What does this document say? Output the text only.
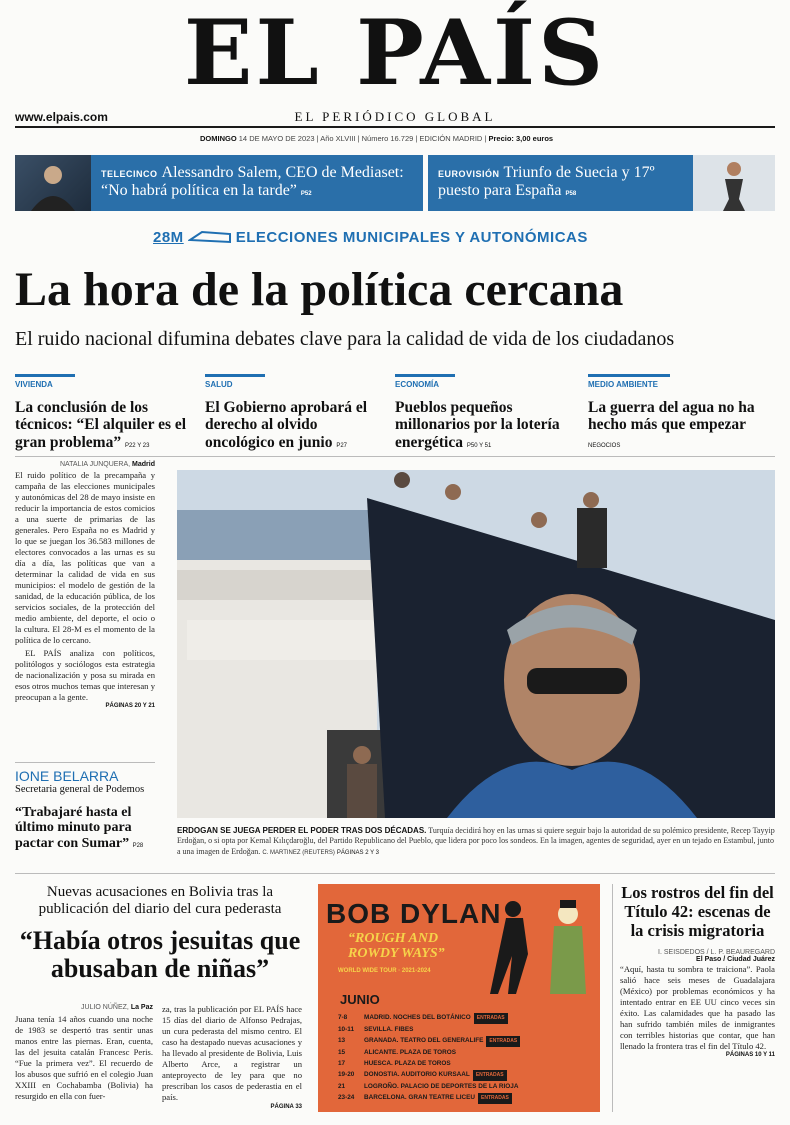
EL PAÍS
www.elpais.com	EL PERIÓDICO GLOBAL
DOMINGO 14 DE MAYO DE 2023 | Año XLVIII | Número 16.729 | EDICIÓN MADRID | Precio: 3,00 euros
TELECINCO Alessandro Salem, CEO de Mediaset: “No habrá política en la tarde” P52
EUROVISIÓN Triunfo de Suecia y 17º puesto para España P58
28M	ELECCIONES MUNICIPALES Y AUTONÓMICAS
La hora de la política cercana
El ruido nacional difumina debates clave para la calidad de vida de los ciudadanos
VIVIENDA
La conclusión de los técnicos: “El alquiler es el gran problema” P22 Y 23
SALUD
El Gobierno aprobará el derecho al olvido oncológico en junio P27
ECONOMÍA
Pueblos pequeños millonarios por la lotería energética P50 Y 51
MEDIO AMBIENTE
La guerra del agua no ha hecho más que empezar NEGOCIOS
NATALIA JUNQUERA, Madrid
El ruido político de la precampaña y campaña de las elecciones municipales y autonómicas del 28 de mayo insiste en reducir la importancia de estos comicios a una suerte de primarias de las generales. Pero España no es Madrid y lo que se juegan los 36.583 millones de electores convocados a las urnas es su día a día, las políticas que van a determinar la calidad de vida en sus municipios: el modelo de gestión de la sanidad, de la educación pública, de los servicios sociales, de la protección del medio ambiente, del deporte, el ocio o la cultura. El 28-M es el momento de la política de lo cercano.
EL PAÍS analiza con políticos, politólogos y sociólogos esta estrategia de nacionalización y posa su mirada en esos otros muchos temas que interesan y preocupan a la gente.
PÁGINAS 20 Y 21
IONE BELARRA
Secretaria general de Podemos
“Trabajaré hasta el último minuto para pactar con Sumar” P28
ERDOGAN SE JUEGA PERDER EL PODER TRAS DOS DÉCADAS. Turquía decidirá hoy en las urnas si quiere seguir bajo la autoridad de su polémico presidente, Recep Tayyip Erdoğan, o si opta por Kemal Kılıçdaroğlu, del Partido Republicano del Pueblo, que lidera por poco los sondeos. En la imagen, agentes de seguridad, ayer en un tejado en Estambul, junto a una imagen de Erdoğan. C. MARTINEZ (REUTERS) PÁGINAS 2 Y 3
Nuevas acusaciones en Bolivia tras la publicación del diario del cura pederasta
“Había otros jesuitas que abusaban de niñas”
JULIO NÚÑEZ, La Paz
Juana tenía 14 años cuando una noche de 1983 se despertó tras sentir unas manos entre las piernas. Eran, cuenta, las del jesuita catalán Francesc Peris. “Fue la primera vez”. El recuerdo de los abusos que sufrió en el colegio Juan XXIII en Cochabamba (Bolivia) ha resurgido en ella con fuer-
za, tras la publicación por EL PAÍS hace 15 días del diario de Alfonso Pedrajas, un cura pederasta del mismo centro. El caso ha destapado nuevas acusaciones y ha llevado al presidente de Bolivia, Luis Alberto Arce, a registrar un anteproyecto de ley para que no prescriban los casos de pederastia en el país.
PÁGINA 33
BOB DYLAN
“ROUGH AND ROWDY WAYS”
WORLD WIDE TOUR · 2021-2024
JUNIO
7-8	MADRID. NOCHES DEL BOTÁNICO ENTRADAS
10-11 SEVILLA. FIBES
13	GRANADA. TEATRO DEL GENERALIFE ENTRADAS
15	ALICANTE. PLAZA DE TOROS
17	HUESCA. PLAZA DE TOROS
19-20 DONOSTIA. AUDITORIO KURSAAL ENTRADAS
21	LOGROÑO. PALACIO DE DEPORTES DE LA RIOJA
23-24 BARCELONA. GRAN TEATRE LICEU ENTRADAS
Los rostros del fin del Título 42: escenas de la crisis migratoria
I. SEISDEDOS / L. P. BEAUREGARD
El Paso / Ciudad Juárez
“Aquí, hasta tu sombra te traiciona”. Paola salió hace seis meses de Guadalajara (México) por problemas económicos y ha intentado entrar en EE UU cinco veces sin éxito. Las calamidades que ha pasado las han sufrido también miles de inmigrantes con terribles historias que contar, que han llenado la frontera tras el fin del Título 42.
PÁGINAS 10 Y 11
